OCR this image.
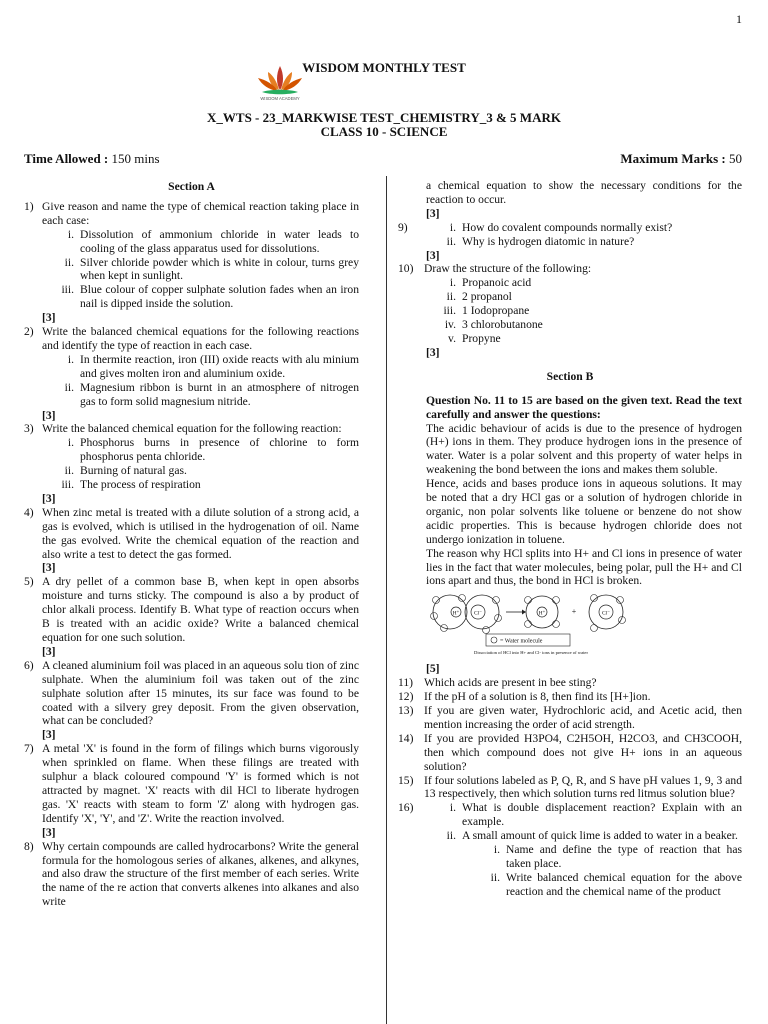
1
WISDOM ACADEMY
WISDOM MONTHLY TEST
X_WTS - 23_MARKWISE TEST_CHEMISTRY_3 & 5 MARK
CLASS 10 - SCIENCE
Time Allowed : 150 mins	Maximum Marks : 50
Section A
1) Give reason and name the type of chemical reaction taking place in each case:
i. Dissolution of ammonium chloride in water leads to cooling of the glass apparatus used for dissolutions.
ii. Silver chloride powder which is white in colour, turns grey when kept in sunlight.
iii. Blue colour of copper sulphate solution fades when an iron nail is dipped inside the solution.
[3]
2) Write the balanced chemical equations for the following reactions and identify the type of reaction in each case.
i. In thermite reaction, iron (III) oxide reacts with alu minium and gives molten iron and aluminium oxide.
ii. Magnesium ribbon is burnt in an atmosphere of nitrogen gas to form solid magnesium nitride.
[3]
3) Write the balanced chemical equation for the following reaction:
i. Phosphorus burns in presence of chlorine to form phosphorus penta chloride.
ii. Burning of natural gas.
iii. The process of respiration
[3]
4) When zinc metal is treated with a dilute solution of a strong acid, a gas is evolved, which is utilised in the hydrogenation of oil. Name the gas evolved. Write the chemical equation of the reaction and also write a test to detect the gas formed.
[3]
5) A dry pellet of a common base B, when kept in open absorbs moisture and turns sticky. The compound is also a by product of chlor alkali process. Identify B. What type of reaction occurs when B is treated with an acidic oxide? Write a balanced chemical equation for one such solution.
[3]
6) A cleaned aluminium foil was placed in an aqueous solu tion of zinc sulphate. When the aluminium foil was taken out of the zinc sulphate solution after 15 minutes, its sur face was found to be coated with a silvery grey deposit. From the given observation, what can be concluded?
[3]
7) A metal 'X' is found in the form of filings which burns vigorously when sprinkled on flame. When these filings are treated with sulphur a black coloured compound 'Y' is formed which is not attracted by magnet. 'X' reacts with dil HCl to liberate hydrogen gas. 'X' reacts with steam to form 'Z' along with hydrogen gas. Identify 'X', 'Y', and 'Z'. Write the reaction involved.
[3]
8) Why certain compounds are called hydrocarbons? Write the general formula for the homologous series of alkanes, alkenes, and alkynes, and also draw the structure of the first member of each series. Write the name of the re action that converts alkenes into alkanes and also write
a chemical equation to show the necessary conditions for the reaction to occur.
[3]
9)	i. How do covalent compounds normally exist?
ii. Why is hydrogen diatomic in nature?
[3]
10) Draw the structure of the following:
i. Propanoic acid
ii. 2 propanol
iii. 1 Iodopropane
iv. 3 chlorobutanone
v. Propyne
[3]
Section B
Question No. 11 to 15 are based on the given text. Read the text carefully and answer the questions:
The acidic behaviour of acids is due to the presence of hydrogen (H+) ions in them. They produce hydrogen ions in the presence of water. Water is a polar solvent and this property of water helps in weakening the bond between the ions and makes them soluble.
Hence, acids and bases produce ions in aqueous solutions. It may be noted that a dry HCl gas or a solution of hydrogen chloride in organic, non polar solvents like toluene or benzene do not show acidic properties. This is because hydrogen chloride does not undergo ionization in toluene.
The reason why HCl splits into H+ and Cl ions in presence of water lies in the fact that water molecules, being polar, pull the H+ and Cl ions apart and thus, the bond in HCl is broken.
H⁺	Cl⁻	H⁺	Cl⁻
+
= Water molecule
Dissociation of HCl into H+ and Cl- ions in presence of water
[5]
11) Which acids are present in bee sting?
12) If the pH of a solution is 8, then find its [H+]ion.
13) If you are given water, Hydrochloric acid, and Acetic acid, then mention increasing the order of acid strength.
14) If you are provided H3PO4, C2H5OH, H2CO3, and CH3COOH, then which compound does not give H+ ions in an aqueous solution?
15) If four solutions labeled as P, Q, R, and S have pH values 1, 9, 3 and 13 respectively, then which solution turns red litmus solution blue?
16)	i. What is double displacement reaction? Explain with an example.
ii. A small amount of quick lime is added to water in a beaker.
i. Name and define the type of reaction that has taken place.
ii. Write balanced chemical equation for the above reaction and the chemical name of the product
